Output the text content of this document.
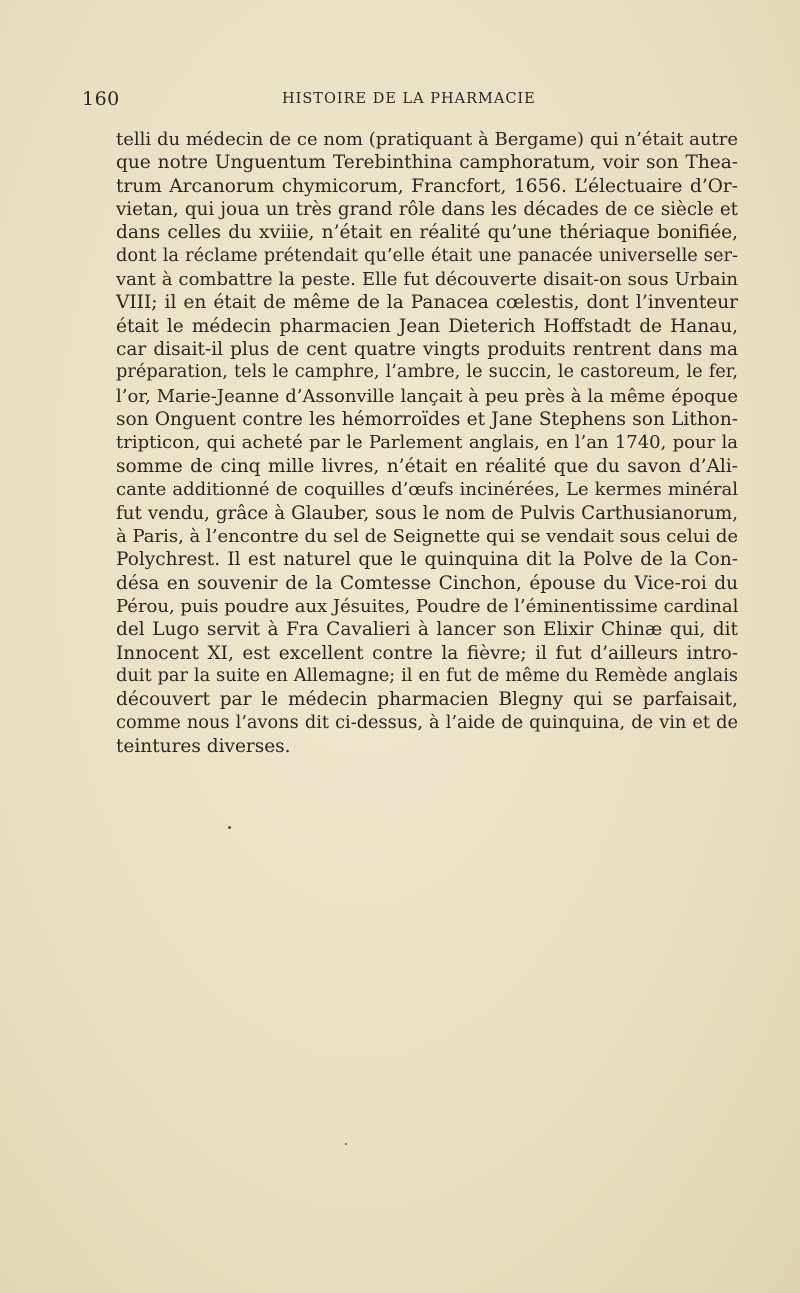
160	HISTOIRE DE LA PHARMACIE
telli du médecin de ce nom (pratiquant à Bergame) qui n’était autre
que notre Unguentum Terebinthina camphoratum, voir son Thea-
trum Arcanorum chymicorum, Francfort, 1656. L’électuaire d’Or-
vietan, qui joua un très grand rôle dans les décades de ce siècle et
dans celles du xviiie, n’était en réalité qu’une thériaque bonifiée,
dont la réclame prétendait qu’elle était une panacée universelle ser-
vant à combattre la peste. Elle fut découverte disait-on sous Urbain
VIII; il en était de même de la Panacea cœlestis, dont l’inventeur
était le médecin pharmacien Jean Dieterich Hoffstadt de Hanau,
car disait-il plus de cent quatre vingts produits rentrent dans ma
préparation, tels le camphre, l’ambre, le succin, le castoreum, le fer,
l’or, Marie-Jeanne d’Assonville lançait à peu près à la même époque
son Onguent contre les hémorroïdes et Jane Stephens son Lithon-
tripticon, qui acheté par le Parlement anglais, en l’an 1740, pour la
somme de cinq mille livres, n’était en réalité que du savon d’Ali-
cante additionné de coquilles d’œufs incinérées, Le kermes minéral
fut vendu, grâce à Glauber, sous le nom de Pulvis Carthusianorum,
à Paris, à l’encontre du sel de Seignette qui se vendait sous celui de
Polychrest. Il est naturel que le quinquina dit la Polve de la Con-
désa en souvenir de la Comtesse Cinchon, épouse du Vice-roi du
Pérou, puis poudre aux Jésuites, Poudre de l’éminentissime cardinal
del Lugo servit à Fra Cavalieri à lancer son Elixir Chinæ qui, dit
Innocent XI, est excellent contre la fièvre; il fut d’ailleurs intro-
duit par la suite en Allemagne; il en fut de même du Remède anglais
découvert par le médecin pharmacien Blegny qui se parfaisait,
comme nous l’avons dit ci-dessus, à l’aide de quinquina, de vin et de
teintures diverses.
